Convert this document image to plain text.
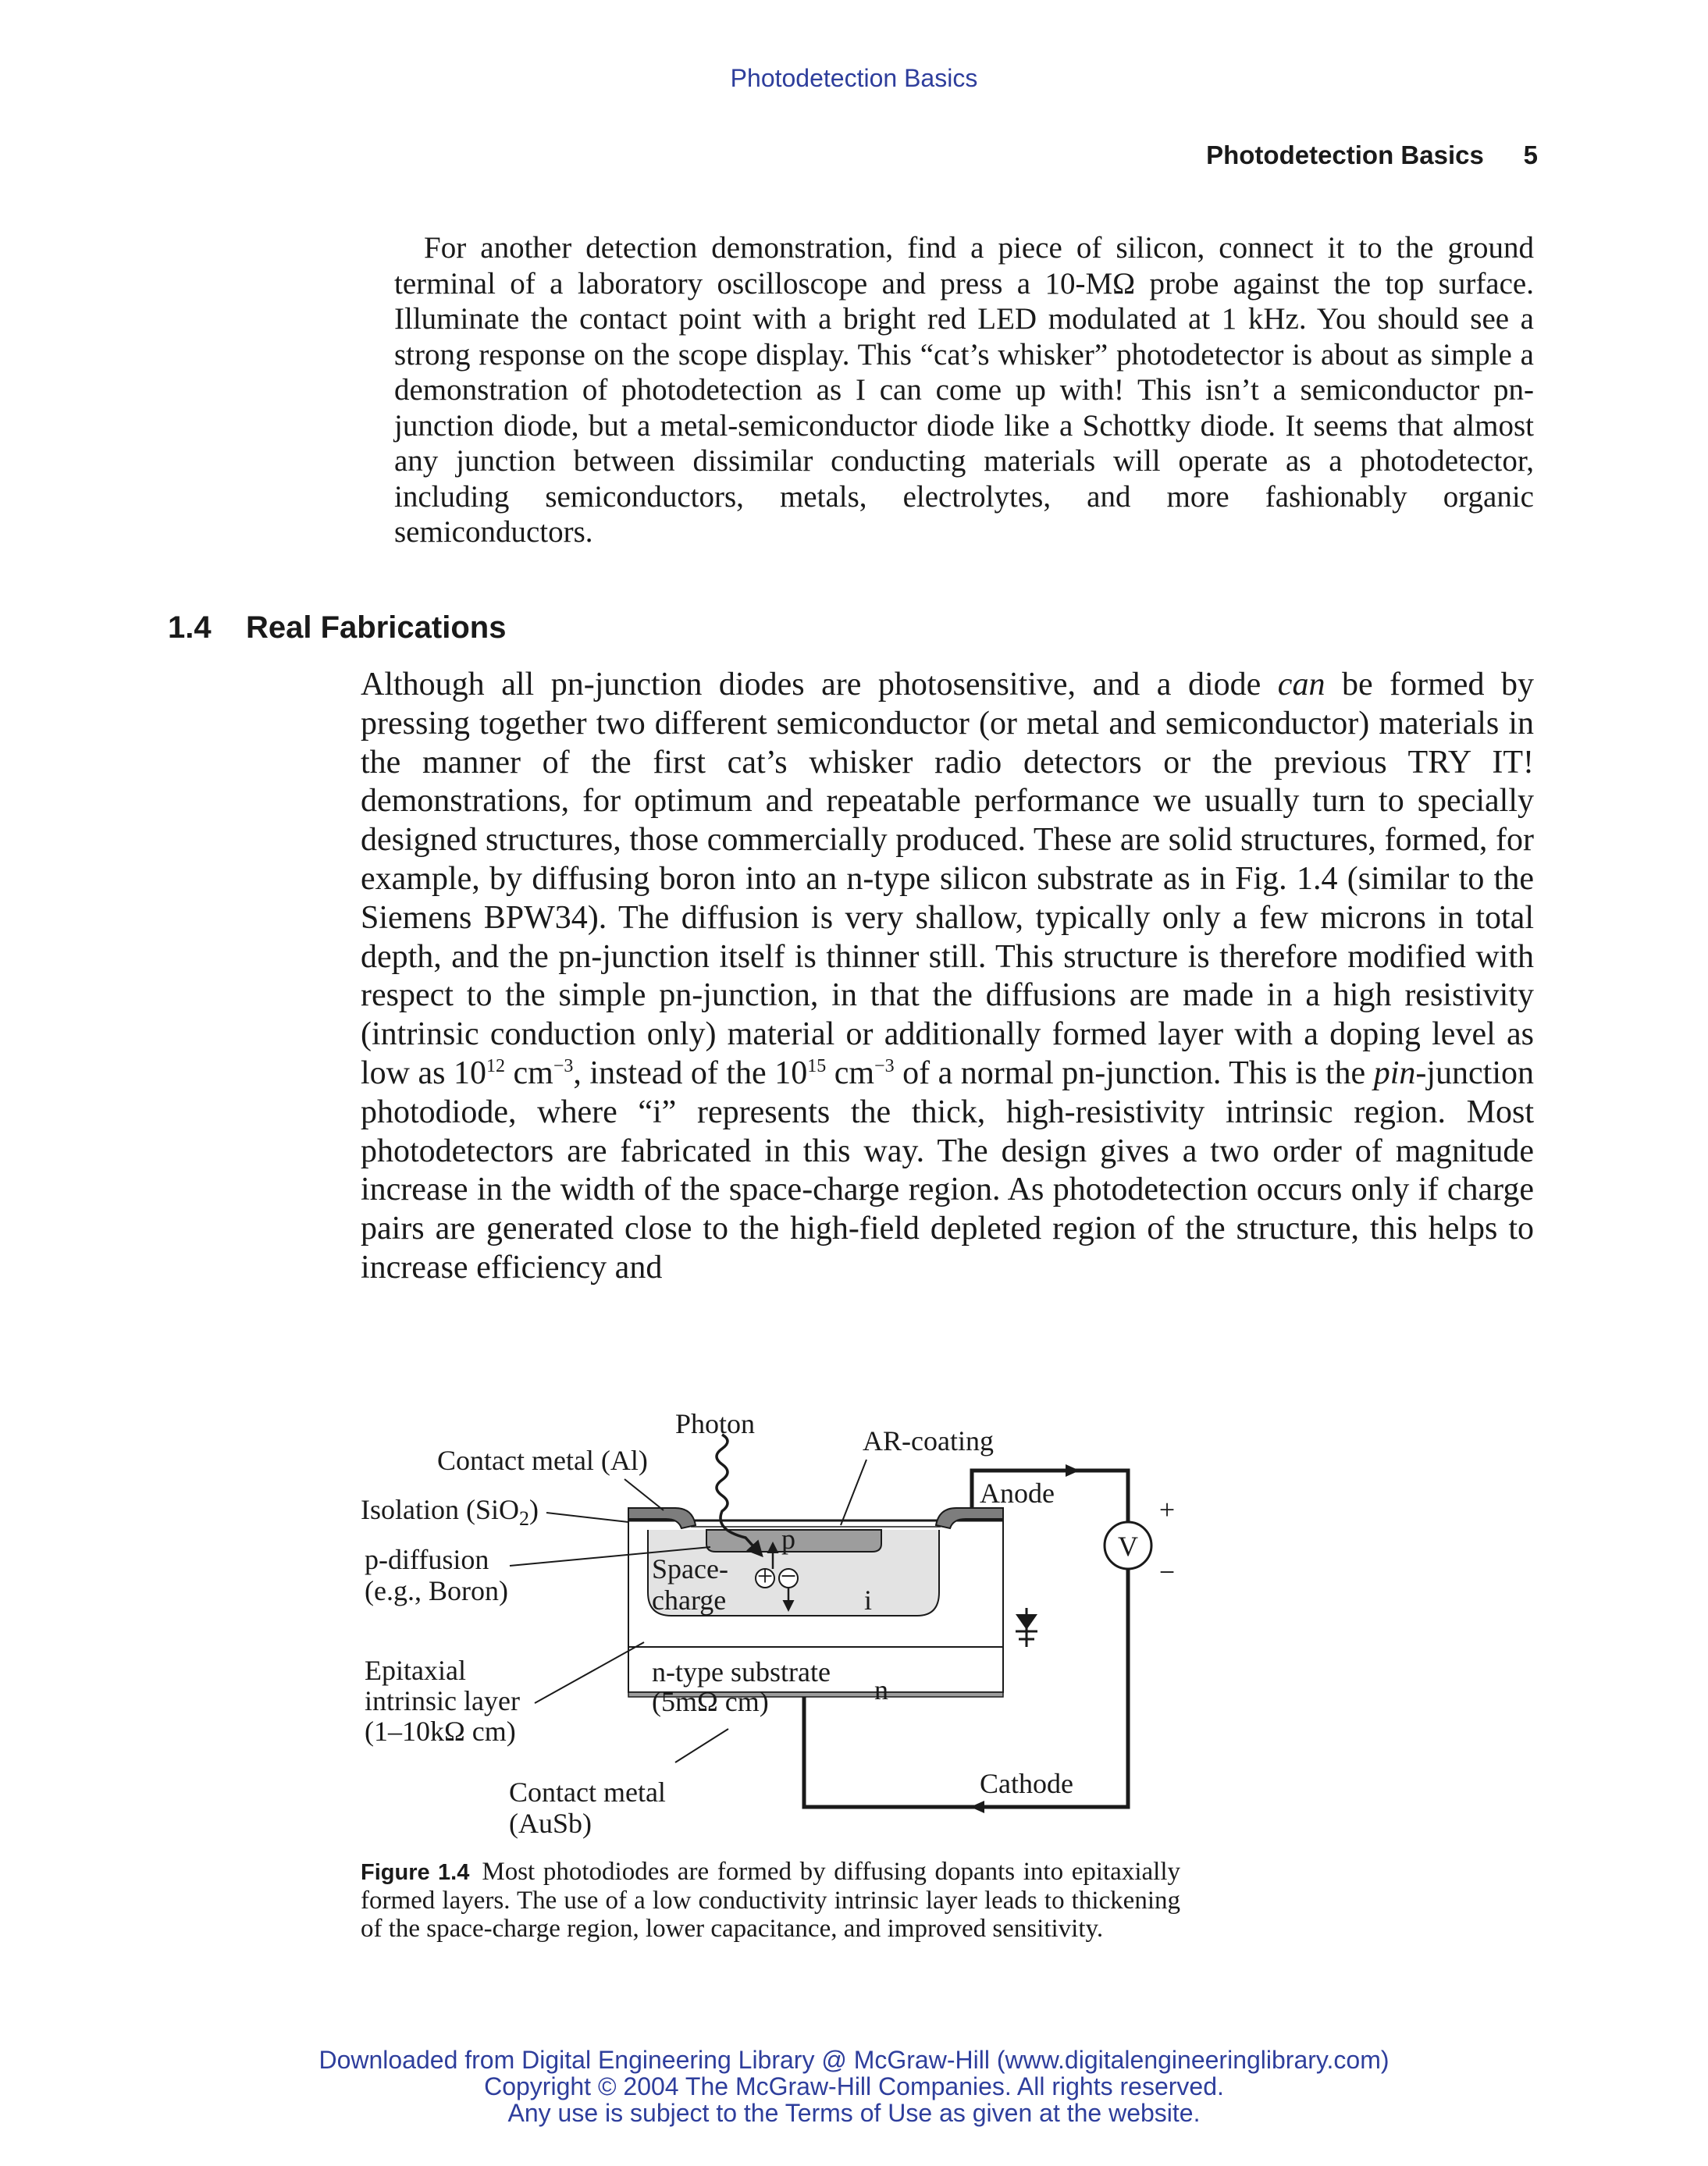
Photodetection Basics
Photodetection Basics 5
For another detection demonstration, find a piece of silicon, connect it to the ground terminal of a laboratory oscilloscope and press a 10-MΩ probe against the top surface. Illuminate the contact point with a bright red LED modulated at 1 kHz. You should see a strong response on the scope display. This “cat’s whisker” photodetector is about as simple a demonstration of photodetection as I can come up with! This isn’t a semiconductor pn-junction diode, but a metal-semiconductor diode like a Schottky diode. It seems that almost any junction between dissimilar conducting materials will operate as a photodetector, including semiconductors, metals, electrolytes, and more fashionably organic semiconductors.
1.4 Real Fabrications
Although all pn-junction diodes are photosensitive, and a diode can be formed by pressing together two different semiconductor (or metal and semiconductor) materials in the manner of the first cat’s whisker radio detectors or the previous TRY IT! demonstrations, for optimum and repeatable performance we usually turn to specially designed structures, those commercially produced. These are solid structures, formed, for example, by diffusing boron into an n-type silicon substrate as in Fig. 1.4 (similar to the Siemens BPW34). The diffusion is very shallow, typically only a few microns in total depth, and the pn-junction itself is thinner still. This structure is therefore modified with respect to the simple pn-junction, in that the diffusions are made in a high resistivity (intrinsic conduction only) material or additionally formed layer with a doping level as low as $10^{12}$ $cm^{-3}$, instead of the $10^{15}$ $cm^{-3}$ of a normal pn-junction. This is the pin-junction photodiode, where “i” represents the thick, high-resistivity intrinsic region. Most photodetectors are fabricated in this way. The design gives a two order of magnitude increase in the width of the space-charge region. As photodetection occurs only if charge pairs are generated close to the high-field depleted region of the structure, this helps to increase efficiency and
+ −
p
Space-
charge	i
n-type substrate
(5mΩ cm)	n
Photon
AR-coating
Contact metal (Al)
Isolation (SiO$_2$)
p-diffusion
(e.g., Boron)
Epitaxial
intrinsic layer
(1–10kΩ cm)
Contact metal
(AuSb)
Anode
Cathode
V
+
−
Figure 1.4 Most photodiodes are formed by diffusing dopants into epitaxially formed layers. The use of a low conductivity intrinsic layer leads to thickening of the space-charge region, lower capacitance, and improved sensitivity.
Downloaded from Digital Engineering Library @ McGraw-Hill (www.digitalengineeringlibrary.com)
Copyright © 2004 The McGraw-Hill Companies. All rights reserved.
Any use is subject to the Terms of Use as given at the website.
